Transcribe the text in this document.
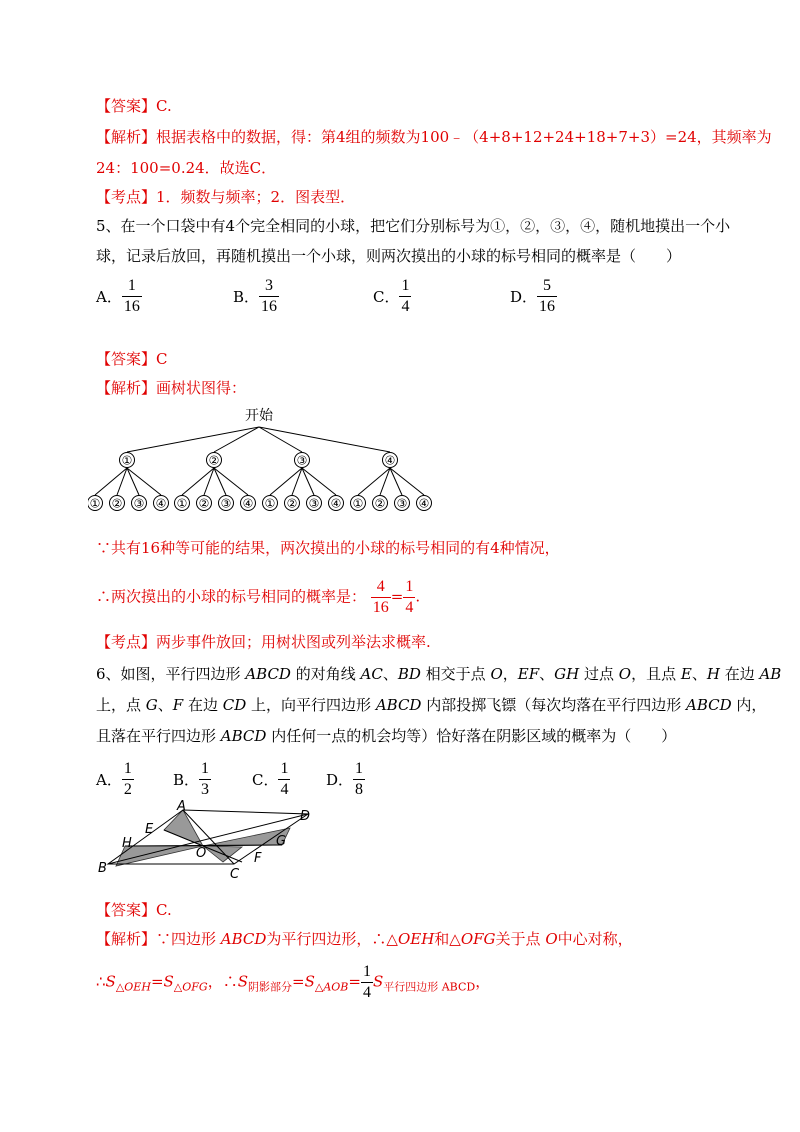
【答案】C.
【解析】根据表格中的数据，得：第4组的频数为100﹣（4+8+12+24+18+7+3）=24，其频率为
24：100=0.24．故选C．
【考点】1．频数与频率；2．图表型．
5、在一个口袋中有4个完全相同的小球，把它们分别标号为①，②，③，④，随机地摸出一个小
球，记录后放回，再随机摸出一个小球，则两次摸出的小球的标号相同的概率是（　　）
A． $\frac{1}{16}$	B． $\frac{3}{16}$	C． $\frac{1}{4}$	D． $\frac{5}{16}$
【答案】C
【解析】画树状图得：
开始
①
① ② ③ ④
②
① ② ③ ④
③
① ② ③ ④
④
① ② ③ ④
∵共有16种等可能的结果，两次摸出的小球的标号相同的有4种情况，
∴两次摸出的小球的标号相同的概率是： $\frac{4}{16} = \frac{1}{4}$ .
【考点】两步事件放回；用树状图或列举法求概率.
6、如图，平行四边形 ABCD 的对角线 AC、BD 相交于点 O，EF、GH 过点 O，且点 E、H 在边 AB
上，点 G、F 在边 CD 上，向平行四边形 ABCD 内部投掷飞镖（每次均落在平行四边形 ABCD 内，
且落在平行四边形 ABCD 内任何一点的机会均等）恰好落在阴影区域的概率为（　　）
A． $\frac{1}{2}$	B． $\frac{1}{3}$	C． $\frac{1}{4}$ D． $\frac{1}{8}$
A
B	C
D
E
F
G
H
O
【答案】C.
【解析】∵四边形 ABCD为平行四边形，∴△OEH和△OFG关于点 O中心对称，
$\therefore S_{\triangle OEH}=S_{\triangle OFG}$，$\therefore S_{阴影部分}=S_{\triangle AOB}= \frac{1}{4} S_{平行四边形 ABCD}$，
